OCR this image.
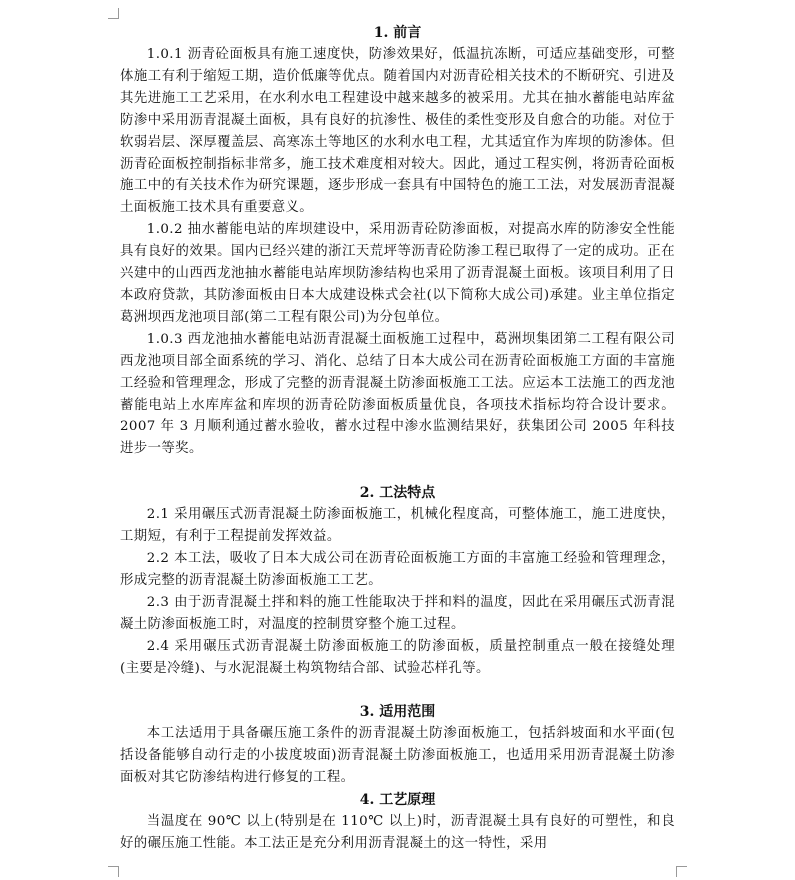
1. 前言

1.0.1 沥青砼面板具有施工速度快，防渗效果好，低温抗冻断，可适应基础变形，可整体施工有利于缩短工期，造价低廉等优点。随着国内对沥青砼相关技术的不断研究、引进及其先进施工工艺采用，在水利水电工程建设中越来越多的被采用。尤其在抽水蓄能电站库盆防渗中采用沥青混凝土面板，具有良好的抗渗性、极佳的柔性变形及自愈合的功能。对位于软弱岩层、深厚覆盖层、高寒冻土等地区的水利水电工程，尤其适宜作为库坝的防渗体。但沥青砼面板控制指标非常多，施工技术难度相对较大。因此，通过工程实例，将沥青砼面板施工中的有关技术作为研究课题，逐步形成一套具有中国特色的施工工法，对发展沥青混凝土面板施工技术具有重要意义。

1.0.2 抽水蓄能电站的库坝建设中，采用沥青砼防渗面板，对提高水库的防渗安全性能具有良好的效果。国内已经兴建的浙江天荒坪等沥青砼防渗工程已取得了一定的成功。正在兴建中的山西西龙池抽水蓄能电站库坝防渗结构也采用了沥青混凝土面板。该项目利用了日本政府贷款，其防渗面板由日本大成建设株式会社(以下简称大成公司)承建。业主单位指定葛洲坝西龙池项目部(第二工程有限公司)为分包单位。

1.0.3 西龙池抽水蓄能电站沥青混凝土面板施工过程中，葛洲坝集团第二工程有限公司西龙池项目部全面系统的学习、消化、总结了日本大成公司在沥青砼面板施工方面的丰富施工经验和管理理念，形成了完整的沥青混凝土防渗面板施工工法。应运本工法施工的西龙池蓄能电站上水库库盆和库坝的沥青砼防渗面板质量优良，各项技术指标均符合设计要求。2007 年 3 月顺利通过蓄水验收，蓄水过程中渗水监测结果好，获集团公司 2005 年科技进步一等奖。

2. 工法特点

2.1 采用碾压式沥青混凝土防渗面板施工，机械化程度高，可整体施工，施工进度快，工期短，有利于工程提前发挥效益。

2.2 本工法，吸收了日本大成公司在沥青砼面板施工方面的丰富施工经验和管理理念，形成完整的沥青混凝土防渗面板施工工艺。

2.3 由于沥青混凝土拌和料的施工性能取决于拌和料的温度，因此在采用碾压式沥青混凝土防渗面板施工时，对温度的控制贯穿整个施工过程。

2.4 采用碾压式沥青混凝土防渗面板施工的防渗面板，质量控制重点一般在接缝处理(主要是冷缝)、与水泥混凝土构筑物结合部、试验芯样孔等。

3. 适用范围

本工法适用于具备碾压施工条件的沥青混凝土防渗面板施工，包括斜坡面和水平面(包括设备能够自动行走的小拔度坡面)沥青混凝土防渗面板施工，也适用采用沥青混凝土防渗面板对其它防渗结构进行修复的工程。

4. 工艺原理

当温度在 90℃ 以上(特别是在 110℃ 以上)时，沥青混凝土具有良好的可塑性，和良好的碾压施工性能。本工法正是充分利用沥青混凝土的这一特性，采用
